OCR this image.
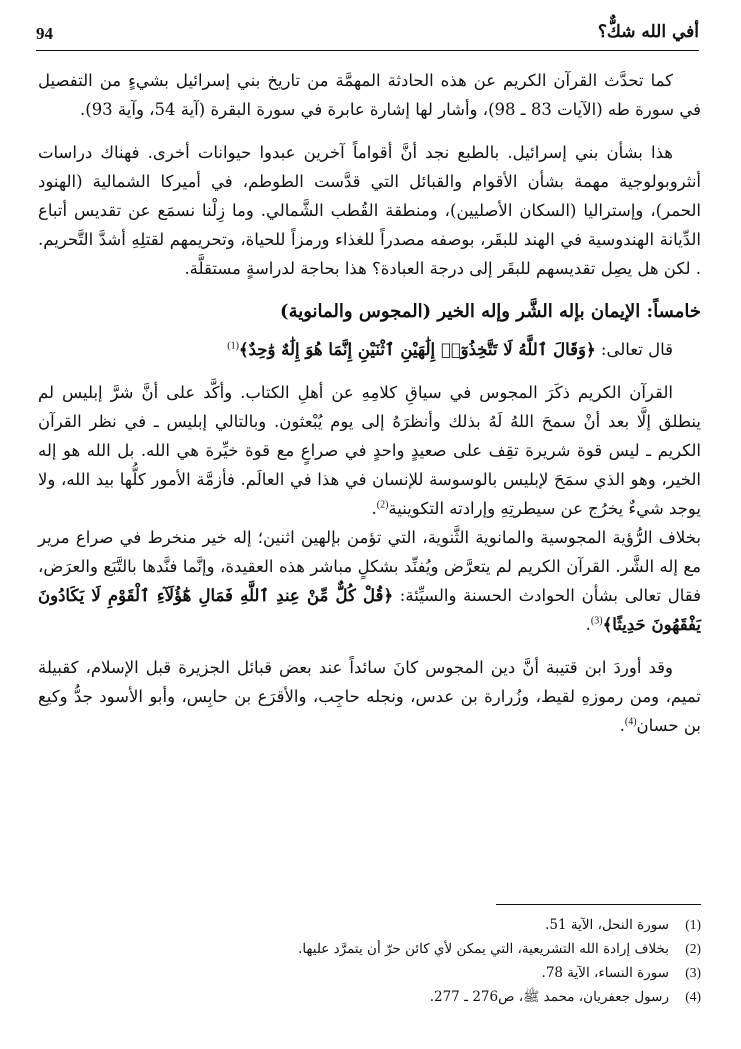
94	أفي الله شكٌّ؟

كما تحدَّث القرآن الكريم عن هذه الحادثة المهمَّة من تاريخ بني إسرائيل بشيءٍ من التفصيل في سورة طه (الآيات 83 ـ 98)، وأشار لها إشارة عابرة في سورة البقرة (آية 54، وآية 93).

هذا بشأن بني إسرائيل. بالطبع نجد أنَّ أقواماً آخرين عبدوا حيوانات أخرى. فهناك دراسات أنثروبولوجية مهمة بشأن الأقوام والقبائل التي قدَّست الطوطم، في أميركا الشمالية (الهنود الحمر)، وإستراليا (السكان الأصليين)، ومنطقة القُطب الشَّمالي. وما زِلْنا نسمَع عن تقديس أتباع الدِّيانة الهندوسية في الهند للبقَر، بوصفه مصدراً للغذاء ورمزاً للحياة، وتحريمهم لقتلِهِ أشدَّ التَّحريم. . لكن هل يصِل تقديسهم للبقَر إلى درجة العبادة؟ هذا بحاجة لدراسةٍ مستقلَّة.

خامساً: الإيمان بإله الشَّر وإله الخير (المجوس والمانوية)

قال تعالى: ﴿وَقَالَ ٱللَّهُ لَا تَتَّخِذُوٓا۟ إِلَٰهَيْنِ ٱثْنَيْنِ إِنَّمَا هُوَ إِلَٰهٌ وَٰحِدٌ﴾$^{(1)}$

القرآن الكريم ذكَرَ المجوس في سياقِ كلامِهِ عن أهلِ الكتاب. وأكَّد على أنَّ شرَّ إبليس لم ينطلق إلَّا بعد أنْ سمحَ اللهُ لَهُ بذلك وأنظرَهُ إلى يوم يُبْعثون. وبالتالي إبليس ـ في نظر القرآن الكريم ـ ليس قوة شريرة تقِف على صعيدٍ واحدٍ في صراعٍ مع قوة خيِّرة هي الله. بل الله هو إله الخير، وهو الذي سمَحَ لإبليس بالوسوسة للإنسان في هذا في العالَم. فأزمَّة الأمور كلُّها بيد الله، ولا يوجد شيءٌ يخرُج عن سيطرتِهِ وإرادته التكوينية$^{(2)}$.

بخلاف الرُّؤية المجوسية والمانوية الثَّنوية، التي تؤمن بإلهين اثنين؛ إله خير منخرط في صراع مرير مع إله الشَّر. القرآن الكريم لم يتعرَّض ويُفنِّد بشكلٍ مباشر هذه العقيدة، وإنَّما فنَّدها بالتَّبَع والعرَض، فقال تعالى بشأن الحوادث الحسنة والسيِّئة: ﴿قُلْ كُلٌّ مِّنْ عِندِ ٱللَّهِ فَمَالِ هَٰٓؤُلَآءِ ٱلْقَوْمِ لَا يَكَادُونَ يَفْقَهُونَ حَدِيثًا﴾$^{(3)}$.

وقد أوردَ ابن قتيبة أنَّ دين المجوس كانَ سائداً عند بعض قبائل الجزيرة قبل الإسلام، كقبيلة تميم، ومن رموزهِ لقيط، وزُرارة بن عدس، ونجله حاجِب، والأقرَع بن حابِس، وأبو الأسود جدُّ وكيع بن حسان$^{(4)}$.

(1)
سورة النحل، الآية 51.
(2)
بخلاف إرادة الله التشريعية، التي يمكن لأي كائن حرّ أن يتمرَّد عليها.
(3)
سورة النساء، الآية 78.
(4)
رسول جعفريان، محمد ﷺ، ص276 ـ 277.
